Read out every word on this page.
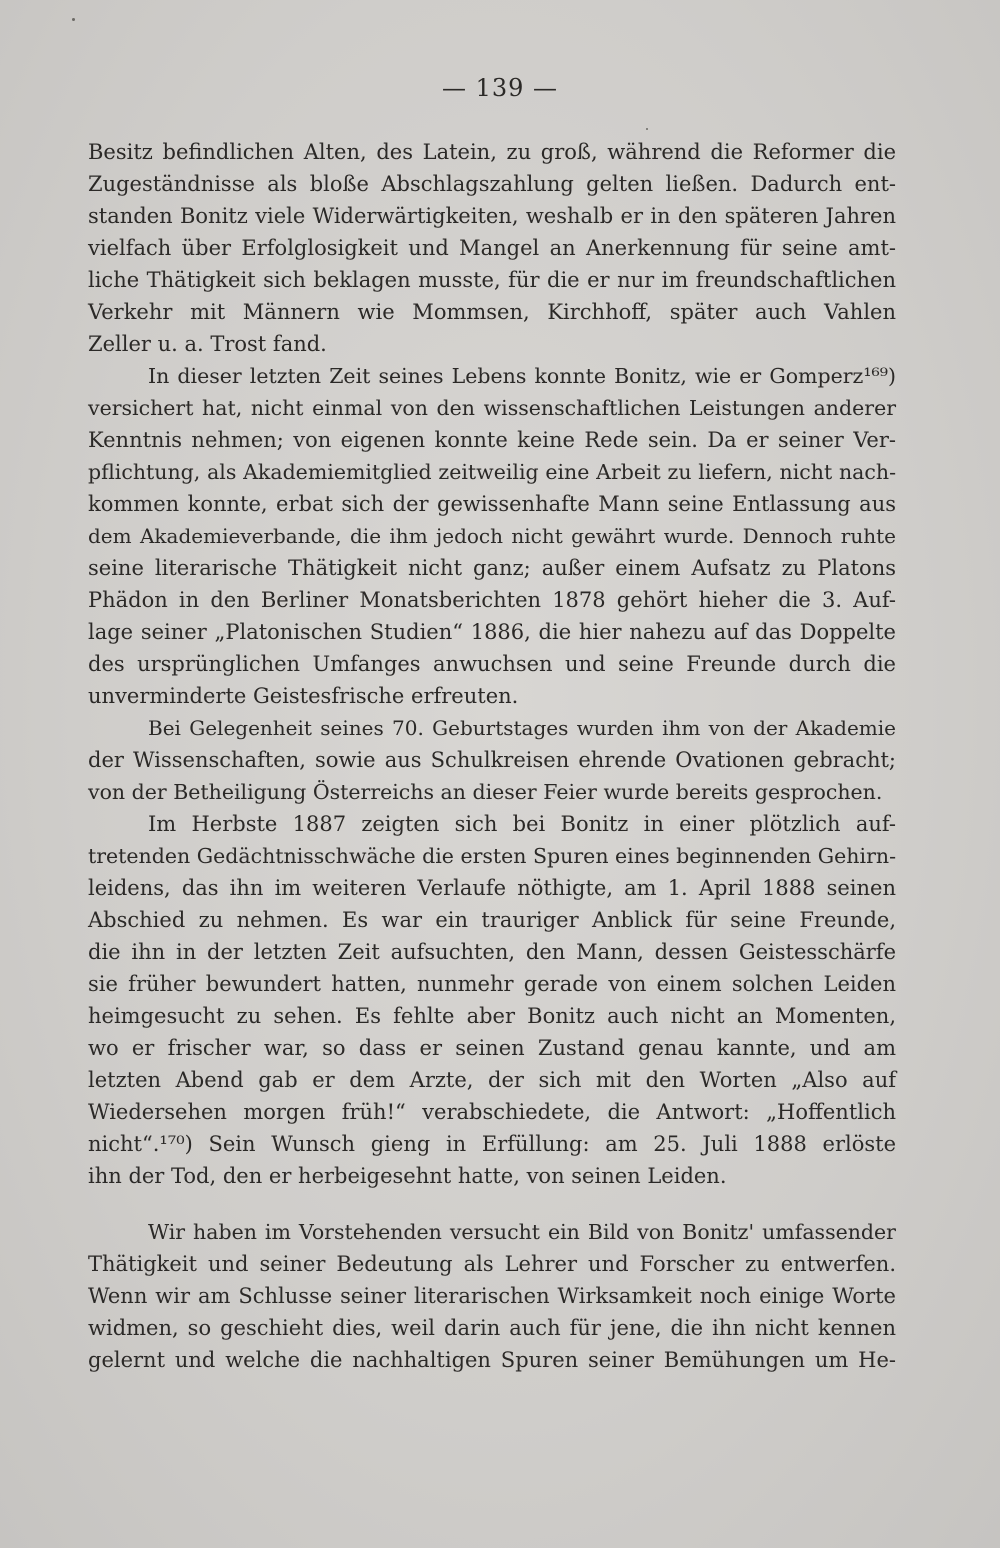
— 139 —
Besitz befindlichen Alten, des Latein, zu groß, während die Reformer die
Zugeständnisse als bloße Abschlagszahlung gelten ließen. Dadurch ent-
standen Bonitz viele Widerwärtigkeiten, weshalb er in den späteren Jahren
vielfach über Erfolglosigkeit und Mangel an Anerkennung für seine amt-
liche Thätigkeit sich beklagen musste, für die er nur im freundschaftlichen
Verkehr mit Männern wie Mommsen, Kirchhoff, später auch Vahlen
Zeller u. a. Trost fand.
In dieser letzten Zeit seines Lebens konnte Bonitz, wie er Gomperz¹⁶⁹)
versichert hat, nicht einmal von den wissenschaftlichen Leistungen anderer
Kenntnis nehmen; von eigenen konnte keine Rede sein. Da er seiner Ver-
pflichtung, als Akademiemitglied zeitweilig eine Arbeit zu liefern, nicht nach-
kommen konnte, erbat sich der gewissenhafte Mann seine Entlassung aus
dem Akademieverbande, die ihm jedoch nicht gewährt wurde. Dennoch ruhte
seine literarische Thätigkeit nicht ganz; außer einem Aufsatz zu Platons
Phädon in den Berliner Monatsberichten 1878 gehört hieher die 3. Auf-
lage seiner „Platonischen Studien“ 1886, die hier nahezu auf das Doppelte
des ursprünglichen Umfanges anwuchsen und seine Freunde durch die
unverminderte Geistesfrische erfreuten.
Bei Gelegenheit seines 70. Geburtstages wurden ihm von der Akademie
der Wissenschaften, sowie aus Schulkreisen ehrende Ovationen gebracht;
von der Betheiligung Österreichs an dieser Feier wurde bereits gesprochen.
Im Herbste 1887 zeigten sich bei Bonitz in einer plötzlich auf-
tretenden Gedächtnisschwäche die ersten Spuren eines beginnenden Gehirn-
leidens, das ihn im weiteren Verlaufe nöthigte, am 1. April 1888 seinen
Abschied zu nehmen. Es war ein trauriger Anblick für seine Freunde,
die ihn in der letzten Zeit aufsuchten, den Mann, dessen Geistesschärfe
sie früher bewundert hatten, nunmehr gerade von einem solchen Leiden
heimgesucht zu sehen. Es fehlte aber Bonitz auch nicht an Momenten,
wo er frischer war, so dass er seinen Zustand genau kannte, und am
letzten Abend gab er dem Arzte, der sich mit den Worten „Also auf
Wiedersehen morgen früh!“ verabschiedete, die Antwort: „Hoffentlich
nicht“.¹⁷⁰) Sein Wunsch gieng in Erfüllung: am 25. Juli 1888 erlöste
ihn der Tod, den er herbeigesehnt hatte, von seinen Leiden.
Wir haben im Vorstehenden versucht ein Bild von Bonitz' umfassender
Thätigkeit und seiner Bedeutung als Lehrer und Forscher zu entwerfen.
Wenn wir am Schlusse seiner literarischen Wirksamkeit noch einige Worte
widmen, so geschieht dies, weil darin auch für jene, die ihn nicht kennen
gelernt und welche die nachhaltigen Spuren seiner Bemühungen um He-
